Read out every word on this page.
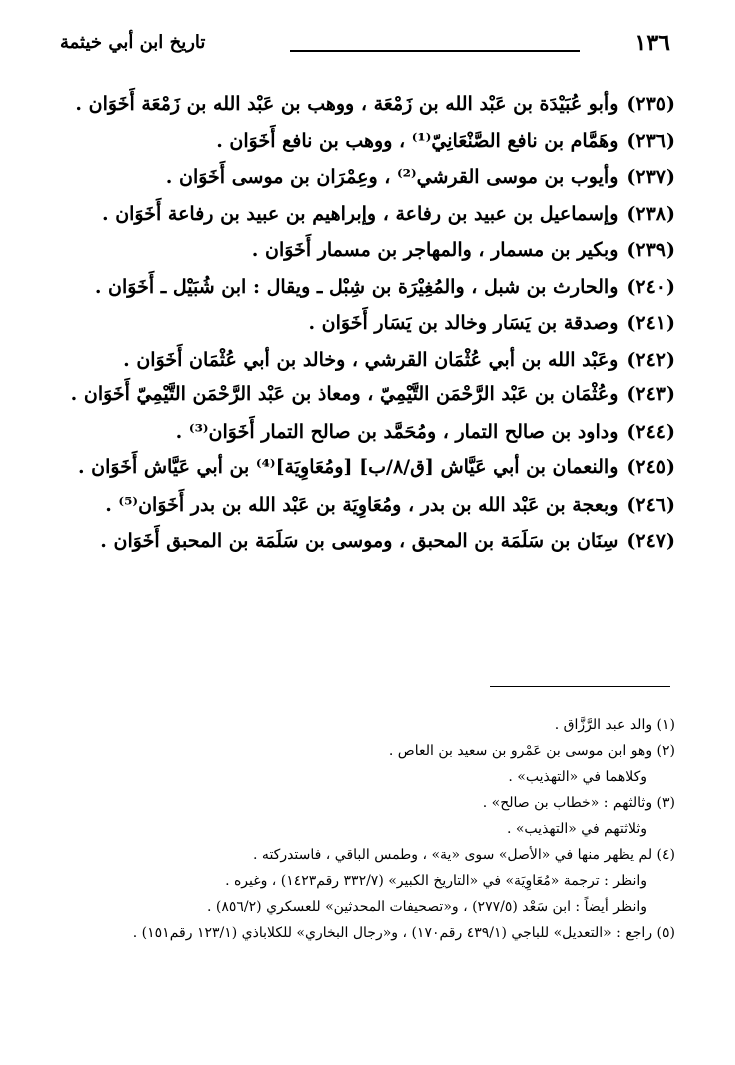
١٣٦
تاريخ ابن أبي خيثمة

(٢٣٥)وأبو عُبَيْدَة بن عَبْد الله بن زَمْعَة ، ووهب بن عَبْد الله بن زَمْعَة أَخَوَان .

(٢٣٦)وهَمَّام بن نافع الصَّنْعَانِيّ⁽¹⁾ ، ووهب بن نافع أَخَوَان .

(٢٣٧)وأيوب بن موسى القرشي⁽²⁾ ، وعِمْرَان بن موسى أَخَوَان .

(٢٣٨)وإسماعيل بن عبيد بن رفاعة ، وإبراهيم بن عبيد بن رفاعة أَخَوَان .

(٢٣٩)وبكير بن مسمار ، والمهاجر بن مسمار أَخَوَان .

(٢٤٠)والحارث بن شبل ، والمُغِيْرَة بن شِبْل ـ ويقال : ابن شُبَيْل ـ أَخَوَان .

(٢٤١)وصدقة بن يَسَار وخالد بن يَسَار أَخَوَان .

(٢٤٢)وعَبْد الله بن أبي عُثْمَان القرشي ، وخالد بن أبي عُثْمَان أَخَوَان .

(٢٤٣)وعُثْمَان بن عَبْد الرَّحْمَن التَّيْمِيّ ، ومعاذ بن عَبْد الرَّحْمَن التَّيْمِيّ أَخَوَان .

(٢٤٤)وداود بن صالح التمار ، ومُحَمَّد بن صالح التمار أَخَوَان⁽³⁾ .

(٢٤٥)والنعمان بن أبي عَيَّاش [ق/٨/ب] [ومُعَاوِيَة]⁽⁴⁾ بن أبي عَيَّاش أَخَوَان .

(٢٤٦)وبعجة بن عَبْد الله بن بدر ، ومُعَاوِيَة بن عَبْد الله بن بدر أَخَوَان⁽⁵⁾ .

(٢٤٧)سِنَان بن سَلَمَة بن المحبق ، وموسى بن سَلَمَة بن المحبق أَخَوَان .

(١) والد عبد الرَّزَّاق .

(٢) وهو ابن موسى بن عَمْرو بن سعيد بن العاص .

وكلاهما في «التهذيب» .

(٣) وثالثهم : «خطاب بن صالح» .

وثلاثتهم في «التهذيب» .

(٤) لم يظهر منها في «الأصل» سوى «ية» ، وطمس الباقي ، فاستدركته .

وانظر : ترجمة «مُعَاوِيَة» في «التاريخ الكبير» (٣٣٢/٧ رقم١٤٢٣) ، وغيره .

وانظر أيضاً : ابن سَعْد (٢٧٧/٥) ، و«تصحيفات المحدثين» للعسكري (٨٥٦/٢) .

(٥) راجع : «التعديل» للباجي (٤٣٩/١ رقم١٧٠) ، و«رجال البخاري» للكلاباذي (١٢٣/١ رقم١٥١) .
